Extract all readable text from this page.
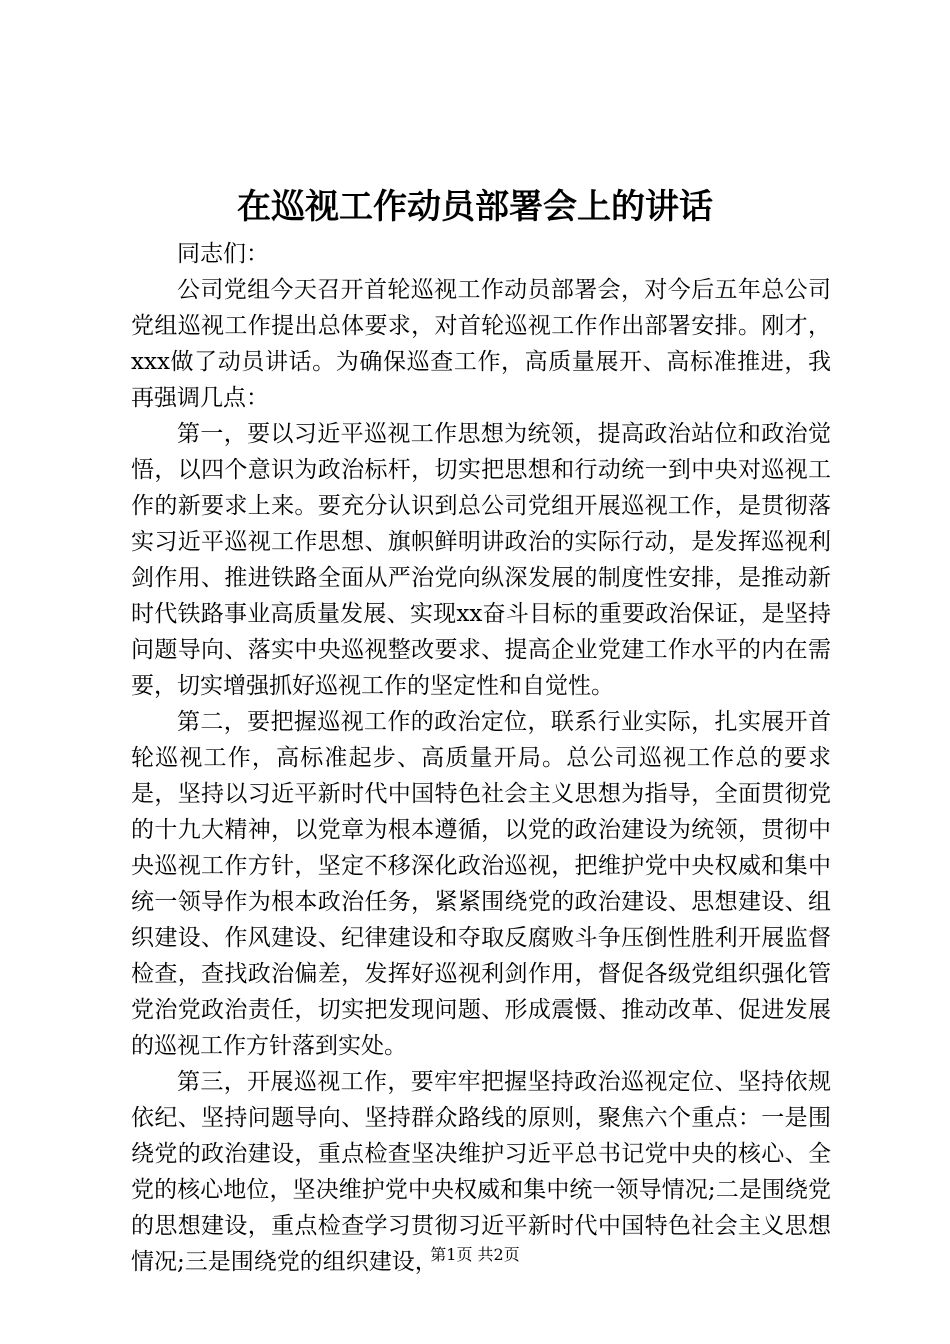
在巡视工作动员部署会上的讲话

同志们：

公司党组今天召开首轮巡视工作动员部署会，对今后五年总公司党组巡视工作提出总体要求，对首轮巡视工作作出部署安排。刚才，xxx做了动员讲话。为确保巡查工作，高质量展开、高标准推进，我再强调几点：

第一，要以习近平巡视工作思想为统领，提高政治站位和政治觉悟，以四个意识为政治标杆，切实把思想和行动统一到中央对巡视工作的新要求上来。要充分认识到总公司党组开展巡视工作，是贯彻落实习近平巡视工作思想、旗帜鲜明讲政治的实际行动，是发挥巡视利剑作用、推进铁路全面从严治党向纵深发展的制度性安排，是推动新时代铁路事业高质量发展、实现xx奋斗目标的重要政治保证，是坚持问题导向、落实中央巡视整改要求、提高企业党建工作水平的内在需要，切实增强抓好巡视工作的坚定性和自觉性。

第二，要把握巡视工作的政治定位，联系行业实际，扎实展开首轮巡视工作，高标准起步、高质量开局。总公司巡视工作总的要求是，坚持以习近平新时代中国特色社会主义思想为指导，全面贯彻党的十九大精神，以党章为根本遵循，以党的政治建设为统领，贯彻中央巡视工作方针，坚定不移深化政治巡视，把维护党中央权威和集中统一领导作为根本政治任务，紧紧围绕党的政治建设、思想建设、组织建设、作风建设、纪律建设和夺取反腐败斗争压倒性胜利开展监督检查，查找政治偏差，发挥好巡视利剑作用，督促各级党组织强化管党治党政治责任，切实把发现问题、形成震慑、推动改革、促进发展的巡视工作方针落到实处。

第三，开展巡视工作，要牢牢把握坚持政治巡视定位、坚持依规依纪、坚持问题导向、坚持群众路线的原则，聚焦六个重点：一是围绕党的政治建设，重点检查坚决维护习近平总书记党中央的核心、全党的核心地位，坚决维护党中央权威和集中统一领导情况;二是围绕党的思想建设，重点检查学习贯彻习近平新时代中国特色社会主义思想情况;三是围绕党的组织建设，

第1页 共2页
